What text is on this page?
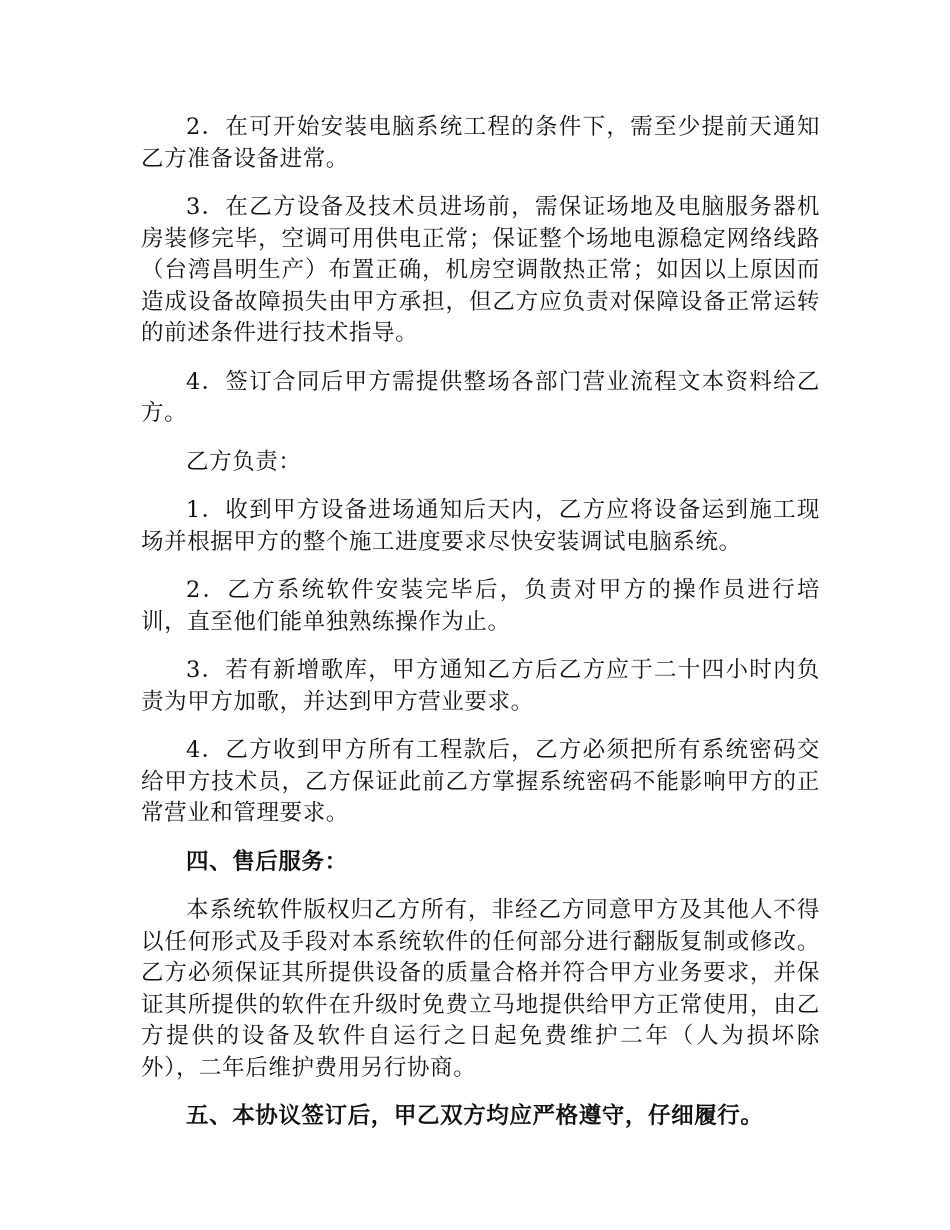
2．在可开始安装电脑系统工程的条件下，需至少提前天通知乙方准备设备进常。

3．在乙方设备及技术员进场前，需保证场地及电脑服务器机房装修完毕，空调可用供电正常；保证整个场地电源稳定网络线路（台湾昌明生产）布置正确，机房空调散热正常；如因以上原因而造成设备故障损失由甲方承担，但乙方应负责对保障设备正常运转的前述条件进行技术指导。

4．签订合同后甲方需提供整场各部门营业流程文本资料给乙方。

乙方负责：

1．收到甲方设备进场通知后天内，乙方应将设备运到施工现场并根据甲方的整个施工进度要求尽快安装调试电脑系统。

2．乙方系统软件安装完毕后，负责对甲方的操作员进行培训，直至他们能单独熟练操作为止。

3．若有新增歌库，甲方通知乙方后乙方应于二十四小时内负责为甲方加歌，并达到甲方营业要求。

4．乙方收到甲方所有工程款后，乙方必须把所有系统密码交给甲方技术员，乙方保证此前乙方掌握系统密码不能影响甲方的正常营业和管理要求。

四、售后服务：

本系统软件版权归乙方所有，非经乙方同意甲方及其他人不得以任何形式及手段对本系统软件的任何部分进行翻版复制或修改。乙方必须保证其所提供设备的质量合格并符合甲方业务要求，并保证其所提供的软件在升级时免费立马地提供给甲方正常使用，由乙方提供的设备及软件自运行之日起免费维护二年（人为损坏除外），二年后维护费用另行协商。

五、本协议签订后，甲乙双方均应严格遵守，仔细履行。
